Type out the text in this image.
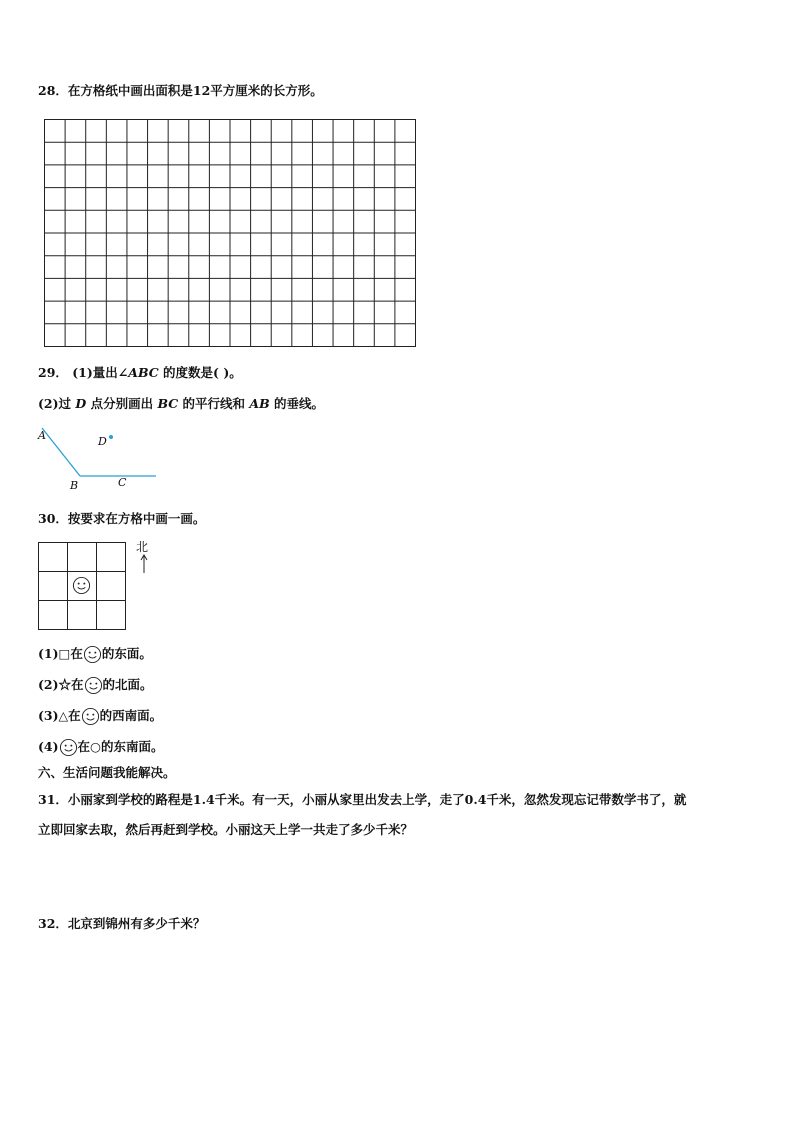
28．在方格纸中画出面积是12平方厘米的长方形。
29． (1)量出∠ABC 的度数是( )。
(2)过 D 点分别画出 BC 的平行线和 AB 的垂线。
A
B	C
D
30．按要求在方格中画一画。
北
(1)□在 的东面。
(2)☆在 的北面。
(3)△在 的西南面。
(4) 在○的东南面。
六、生活问题我能解决。
31．小丽家到学校的路程是1.4千米。有一天，小丽从家里出发去上学，走了0.4千米，忽然发现忘记带数学书了，就
立即回家去取，然后再赶到学校。小丽这天上学一共走了多少千米？
32．北京到锦州有多少千米？
